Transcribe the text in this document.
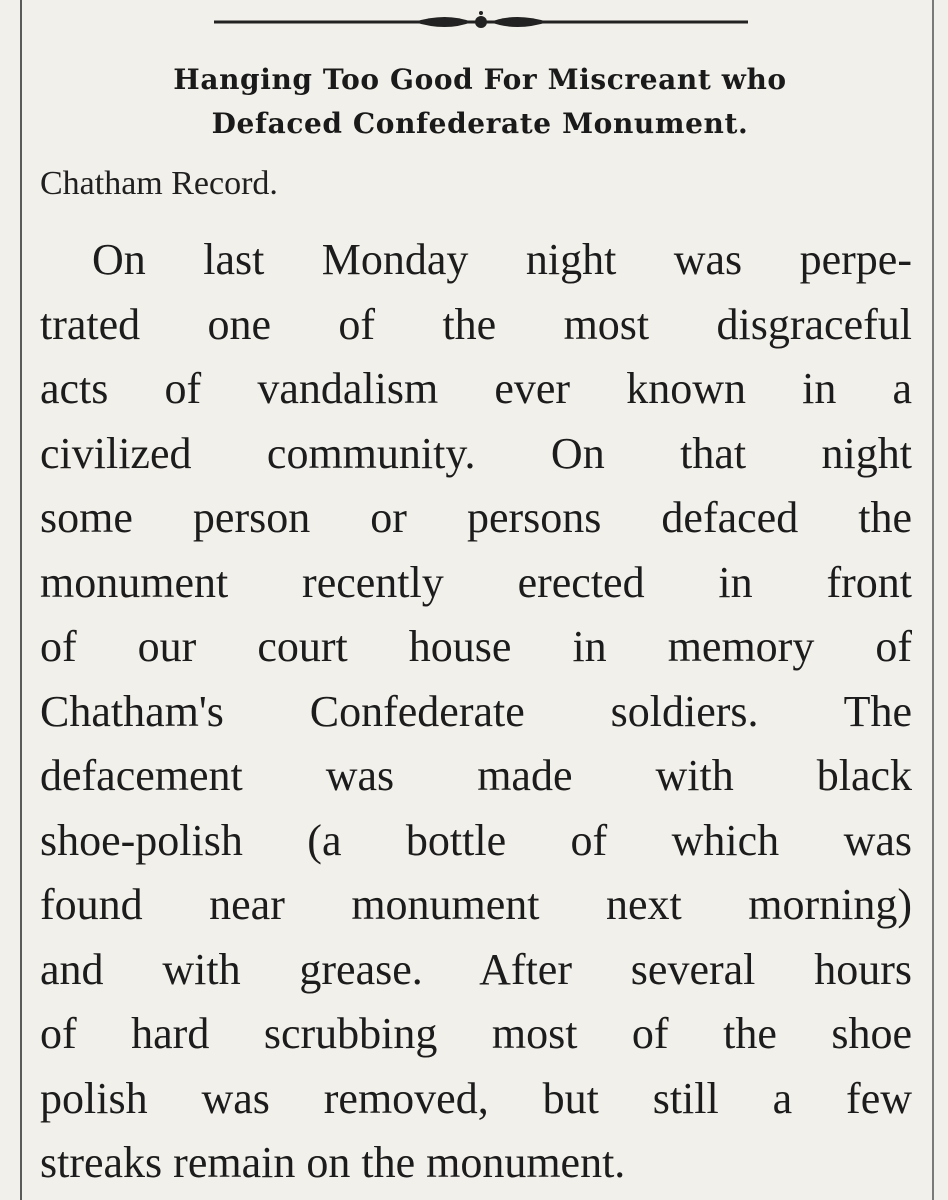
Hanging Too Good For Miscreant who
Defaced Confederate Monument.

Chatham Record.

On last Monday night was perpe-
trated one of the most disgraceful
acts of vandalism ever known in a
civilized community. On that night
some person or persons defaced the
monument recently erected in front
of our court house in memory of
Chatham's Confederate soldiers. The
defacement was made with black
shoe-polish (a bottle of which was
found near monument next morning)
and with grease. After several hours
of hard scrubbing most of the shoe
polish was removed, but still a few
streaks remain on the monument.
